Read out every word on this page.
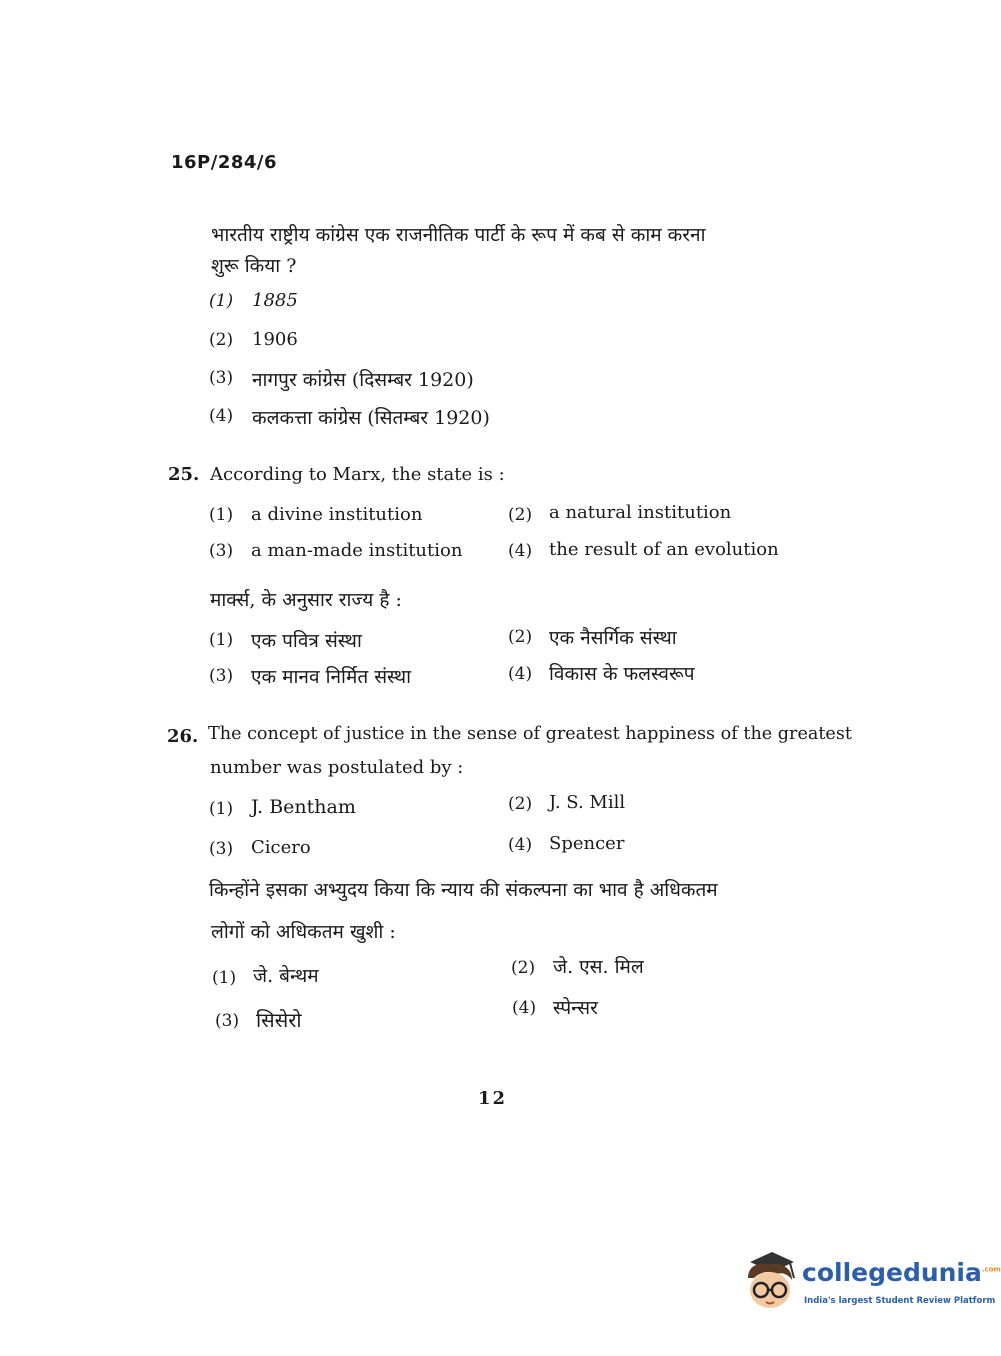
16P/284/6
भारतीय राष्ट्रीय कांग्रेस एक राजनीतिक पार्टी के रूप में कब से काम करना
शुरू किया ?
(1) 1885
(2) 1906
(3) नागपुर कांग्रेस (दिसम्बर 1920)
(4) कलकत्ता कांग्रेस (सितम्बर 1920)
25. According to Marx, the state is :
(1) a divine institution	(2) a natural institution
(3) a man-made institution	(4) the result of an evolution
मार्क्स, के अनुसार राज्य है :
(1) एक पवित्र संस्था	(2) एक नैसर्गिक संस्था
(3) एक मानव निर्मित संस्था	(4) विकास के फलस्वरूप
26. The concept of justice in the sense of greatest happiness of the greatest
number was postulated by :
(1) J. Bentham	(2) J. S. Mill
(3) Cicero	(4) Spencer
किन्होंने इसका अभ्युदय किया कि न्याय की संकल्पना का भाव है अधिकतम
लोगों को अधिकतम खुशी :
(1) जे. बेन्थम	(2) जे. एस. मिल
(3) सिसेरो	(4) स्पेन्सर
12
collegedunia$^{.com}$
India's largest Student Review Platform
